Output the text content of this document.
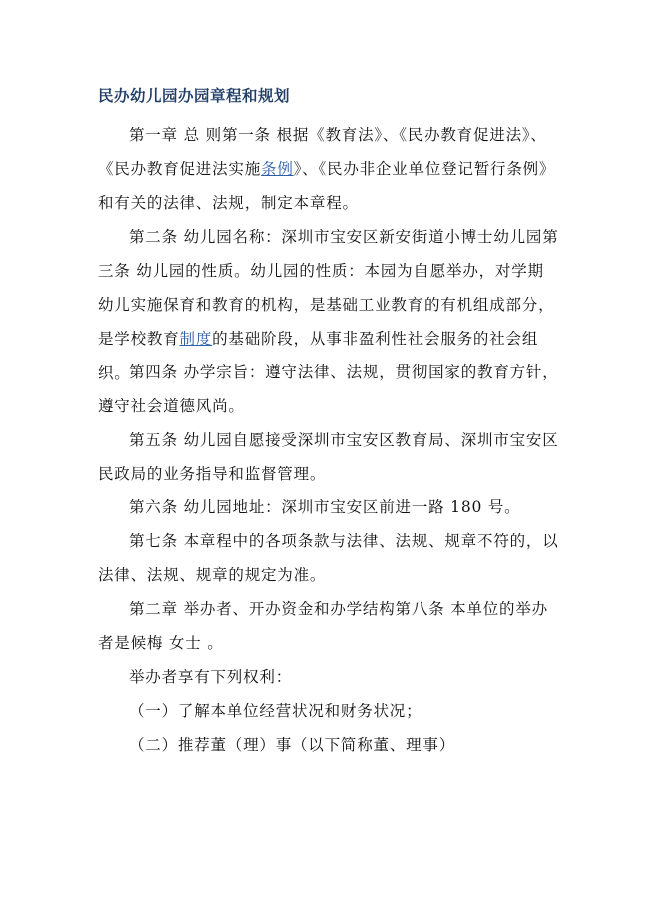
民办幼儿园办园章程和规划

第一章 总 则第一条 根据《教育法》、《民办教育促进法》、《民办教育促进法实施条例》、《民办非企业单位登记暂行条例》和有关的法律、法规，制定本章程。

第二条 幼儿园名称：深圳市宝安区新安街道小博士幼儿园第三条 幼儿园的性质。幼儿园的性质：本园为自愿举办，对学期幼儿实施保育和教育的机构，是基础工业教育的有机组成部分，是学校教育制度的基础阶段，从事非盈利性社会服务的社会组织。

第四条 办学宗旨：遵守法律、法规，贯彻国家的教育方针，遵守社会道德风尚。

第五条 幼儿园自愿接受深圳市宝安区教育局、深圳市宝安区民政局的业务指导和监督管理。

第六条 幼儿园地址：深圳市宝安区前进一路 180 号。

第七条 本章程中的各项条款与法律、法规、规章不符的，以法律、法规、规章的规定为准。

第二章 举办者、开办资金和办学结构第八条 本单位的举办者是候梅 女士 。

举办者享有下列权利：

（一）了解本单位经营状况和财务状况；

（二）推荐董（理）事（以下简称董、理事）
